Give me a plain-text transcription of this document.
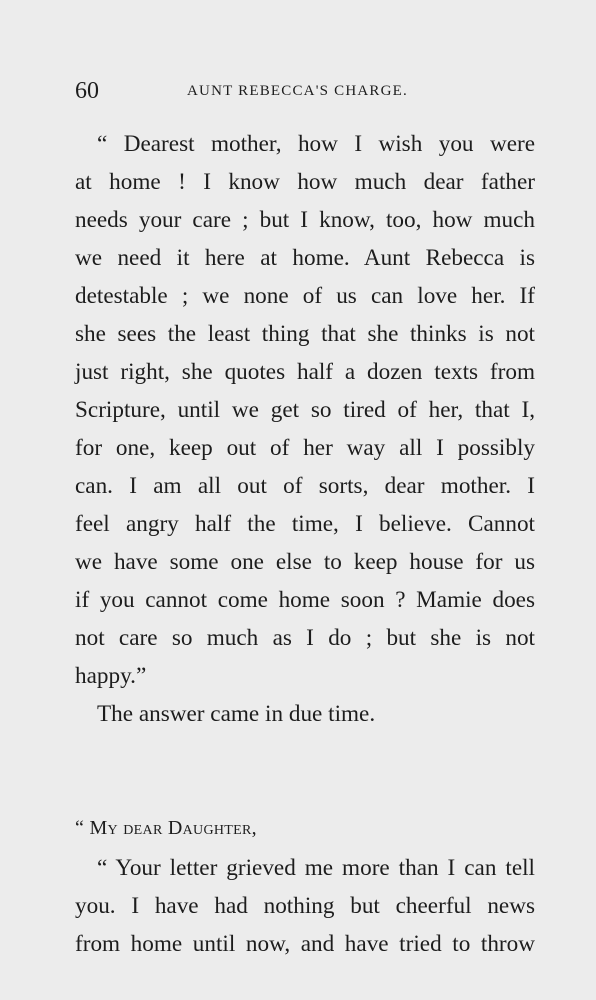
60	AUNT REBECCA'S CHARGE.
“ Dearest mother, how I wish you were
at home ! I know how much dear father
needs your care ; but I know, too, how much
we need it here at home. Aunt Rebecca is
detestable ; we none of us can love her. If
she sees the least thing that she thinks is not
just right, she quotes half a dozen texts from
Scripture, until we get so tired of her, that I,
for one, keep out of her way all I possibly
can. I am all out of sorts, dear mother. I
feel angry half the time, I believe. Cannot
we have some one else to keep house for us
if you cannot come home soon ? Mamie does
not care so much as I do ; but she is not
happy.”
The answer came in due time.
“ My dear Daughter,
“ Your letter grieved me more than I can tell
you. I have had nothing but cheerful news
from home until now, and have tried to throw
